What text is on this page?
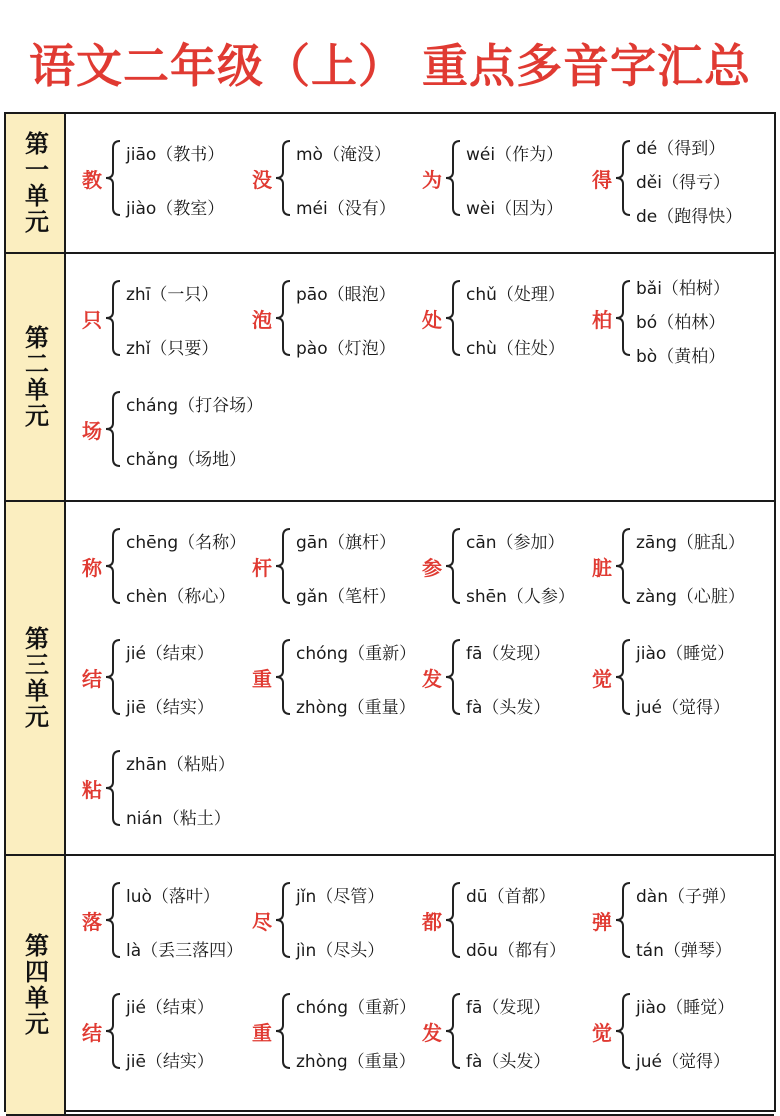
语文二年级（上） 重点多音字汇总
第一单元 教
jiāo（教书）
jiào（教室）
没
mò（淹没）
méi（没有）
为
wéi（作为）
wèi（因为）
得
dé（得到）
děi（得亏）
de（跑得快）
第二单元
只
zhī（一只）
zhǐ（只要）
泡
pāo（眼泡）
pào（灯泡）
处
chǔ（处理）
chù（住处）
柏
bǎi（柏树）
bó（柏林）
bò（黄柏）
场
cháng（打谷场）
chǎng（场地）
第三单元
称
chēng（名称）
chèn（称心）
杆
gān（旗杆）
gǎn（笔杆）
参
cān（参加）
shēn（人参）
脏
zāng（脏乱）
zàng（心脏）
结
jié（结束）
jiē（结实）
重
chóng（重新）
zhòng（重量）
发
fā（发现）
fà（头发）
觉
jiào（睡觉）
jué（觉得）
粘
zhān（粘贴）
nián（粘土）
第四单元
落
luò（落叶）
là（丢三落四）
尽
jǐn（尽管）
jìn（尽头）
都
dū（首都）
dōu（都有）
弹
dàn（子弹）
tán（弹琴）
结
jié（结束）
jiē（结实）
重
chóng（重新）
zhòng（重量）
发
fā（发现）
fà（头发）
觉
jiào（睡觉）
jué（觉得）
